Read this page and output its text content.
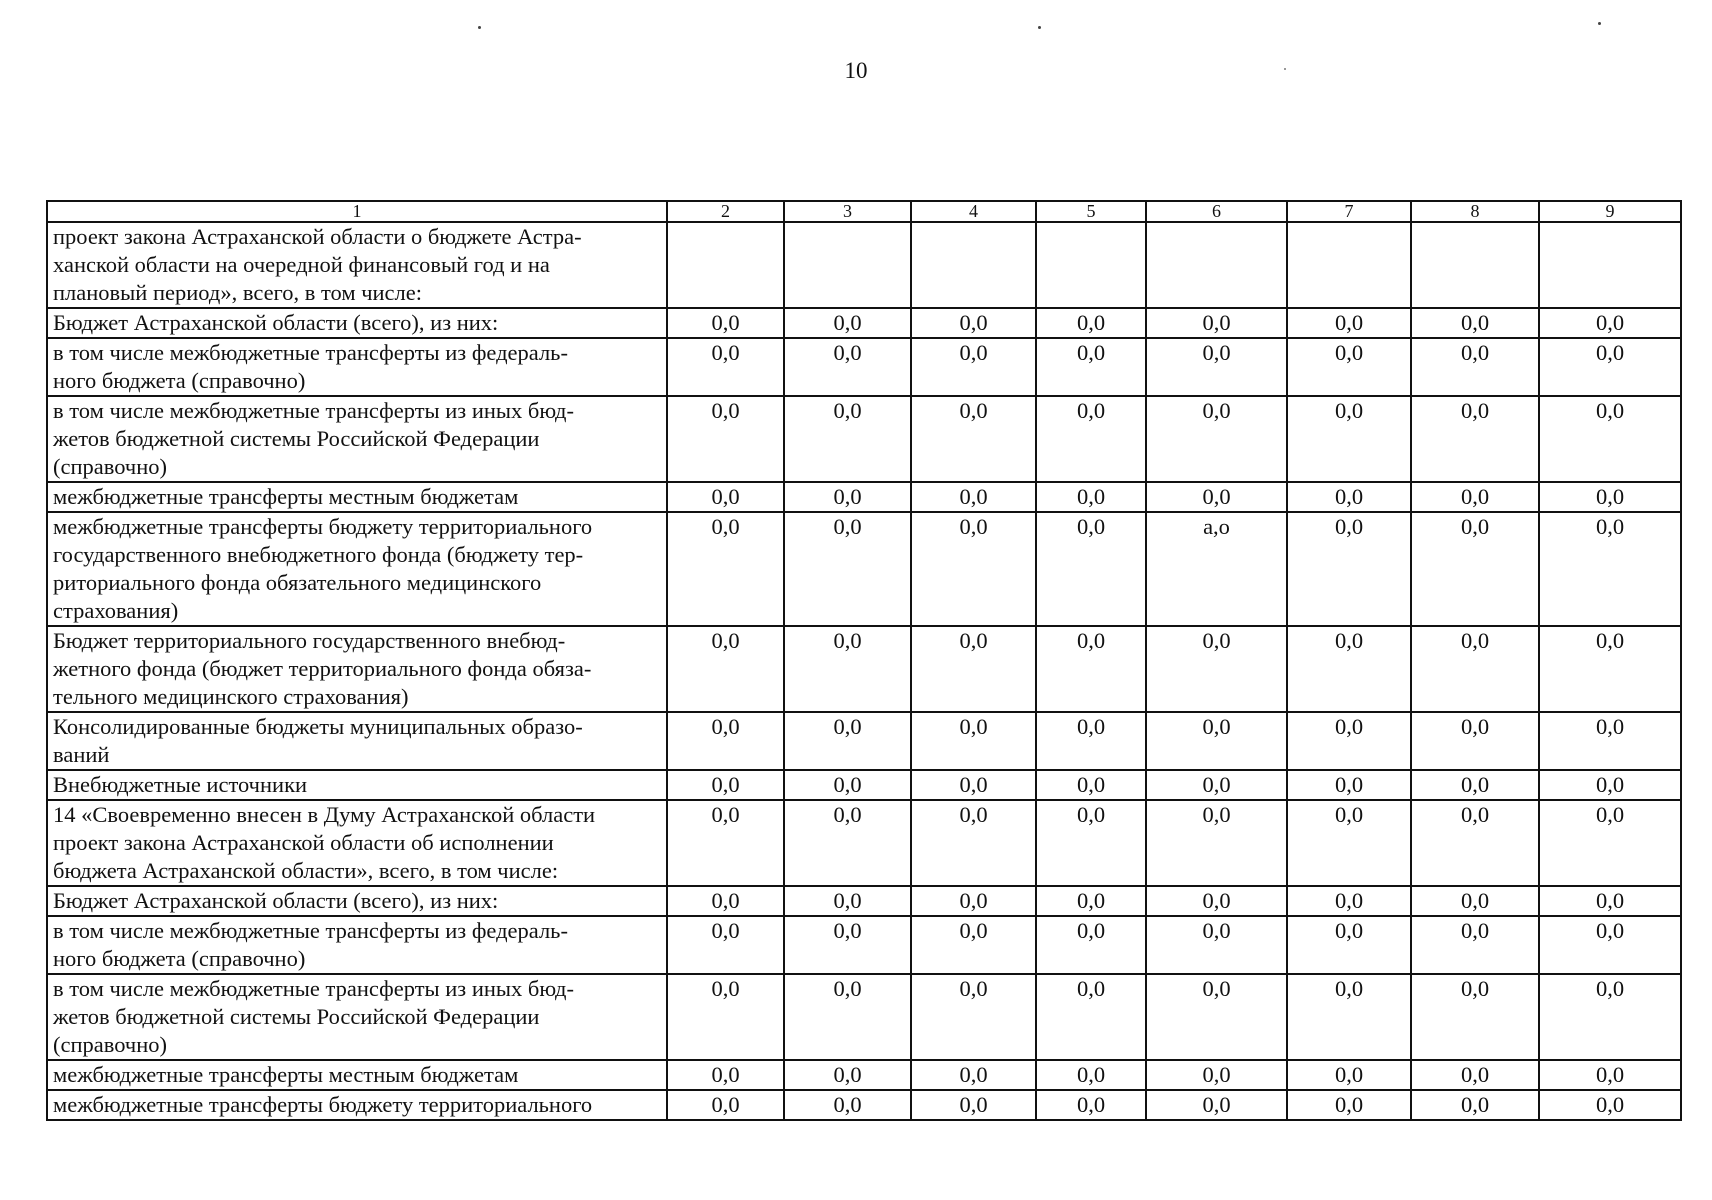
10
1	2	3	4	5	6	7	8	9
проект закона Астраханской области о бюджете Астра-
ханской области на очередной финансовый год и на
плановый период», всего, в том числе:								
Бюджет Астраханской области (всего), из них:	0,0	0,0	0,0	0,0	0,0	0,0	0,0	0,0
в том числе межбюджетные трансферты из федераль-
ного бюджета (справочно)	0,0	0,0	0,0	0,0	0,0	0,0	0,0	0,0
в том числе межбюджетные трансферты из иных бюд-
жетов бюджетной системы Российской Федерации
(справочно)	0,0	0,0	0,0	0,0	0,0	0,0	0,0	0,0
межбюджетные трансферты местным бюджетам	0,0	0,0	0,0	0,0	0,0	0,0	0,0	0,0
межбюджетные трансферты бюджету территориального
государственного внебюджетного фонда (бюджету тер-
риториального фонда обязательного медицинского
страхования)	0,0	0,0	0,0	0,0	а,о	0,0	0,0	0,0
Бюджет территориального государственного внебюд-
жетного фонда (бюджет территориального фонда обяза-
тельного медицинского страхования)	0,0	0,0	0,0	0,0	0,0	0,0	0,0	0,0
Консолидированные бюджеты муниципальных образо-
ваний	0,0	0,0	0,0	0,0	0,0	0,0	0,0	0,0
Внебюджетные источники	0,0	0,0	0,0	0,0	0,0	0,0	0,0	0,0
14 «Своевременно внесен в Думу Астраханской области
проект закона Астраханской области об исполнении
бюджета Астраханской области», всего, в том числе:	0,0	0,0	0,0	0,0	0,0	0,0	0,0	0,0
Бюджет Астраханской области (всего), из них:	0,0	0,0	0,0	0,0	0,0	0,0	0,0	0,0
в том числе межбюджетные трансферты из федераль-
ного бюджета (справочно)	0,0	0,0	0,0	0,0	0,0	0,0	0,0	0,0
в том числе межбюджетные трансферты из иных бюд-
жетов бюджетной системы Российской Федерации
(справочно)	0,0	0,0	0,0	0,0	0,0	0,0	0,0	0,0
межбюджетные трансферты местным бюджетам	0,0	0,0	0,0	0,0	0,0	0,0	0,0	0,0
межбюджетные трансферты бюджету территориального	0,0	0,0	0,0	0,0	0,0	0,0	0,0	0,0
